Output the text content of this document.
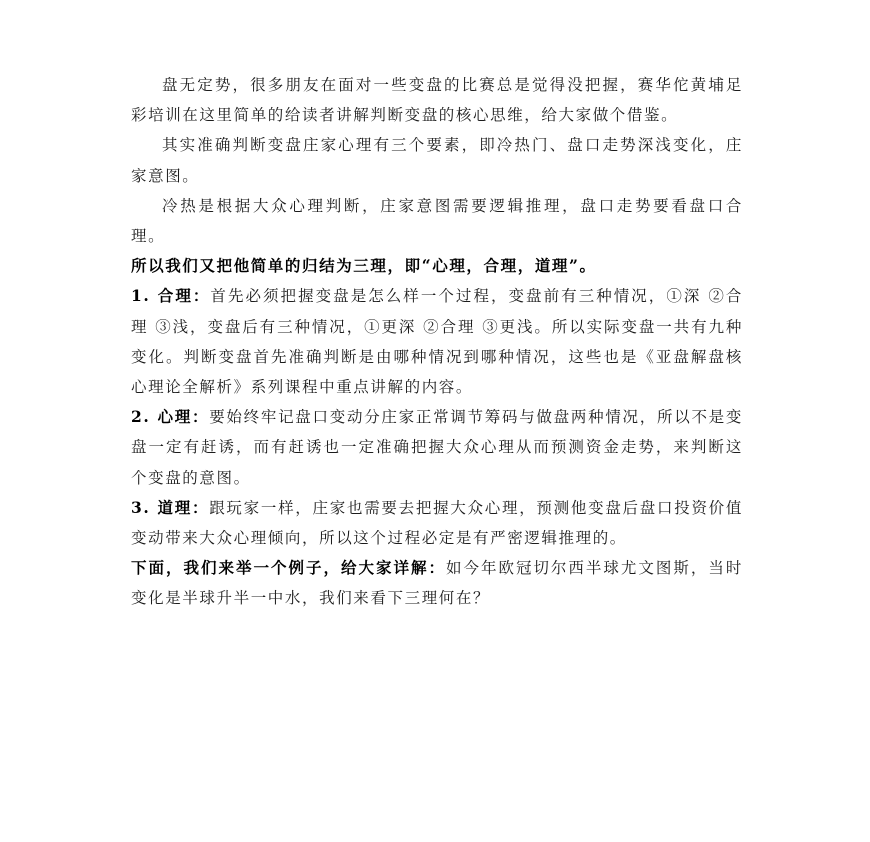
盘无定势，很多朋友在面对一些变盘的比赛总是觉得没把握，赛华佗黄埔足彩培训在这里简单的给读者讲解判断变盘的核心思维，给大家做个借鉴。

其实准确判断变盘庄家心理有三个要素，即冷热门、盘口走势深浅变化，庄家意图。

冷热是根据大众心理判断，庄家意图需要逻辑推理，盘口走势要看盘口合理。

所以我们又把他简单的归结为三理，即“心理，合理，道理”。

1. 合理：首先必须把握变盘是怎么样一个过程，变盘前有三种情况，①深 ②合理 ③浅，变盘后有三种情况，①更深 ②合理 ③更浅。所以实际变盘一共有九种变化。判断变盘首先准确判断是由哪种情况到哪种情况，这些也是《亚盘解盘核心理论全解析》系列课程中重点讲解的内容。

2. 心理：要始终牢记盘口变动分庄家正常调节筹码与做盘两种情况，所以不是变盘一定有赶诱，而有赶诱也一定准确把握大众心理从而预测资金走势，来判断这个变盘的意图。

3. 道理：跟玩家一样，庄家也需要去把握大众心理，预测他变盘后盘口投资价值变动带来大众心理倾向，所以这个过程必定是有严密逻辑推理的。

下面，我们来举一个例子，给大家详解：如今年欧冠切尔西半球尤文图斯，当时变化是半球升半一中水，我们来看下三理何在？
